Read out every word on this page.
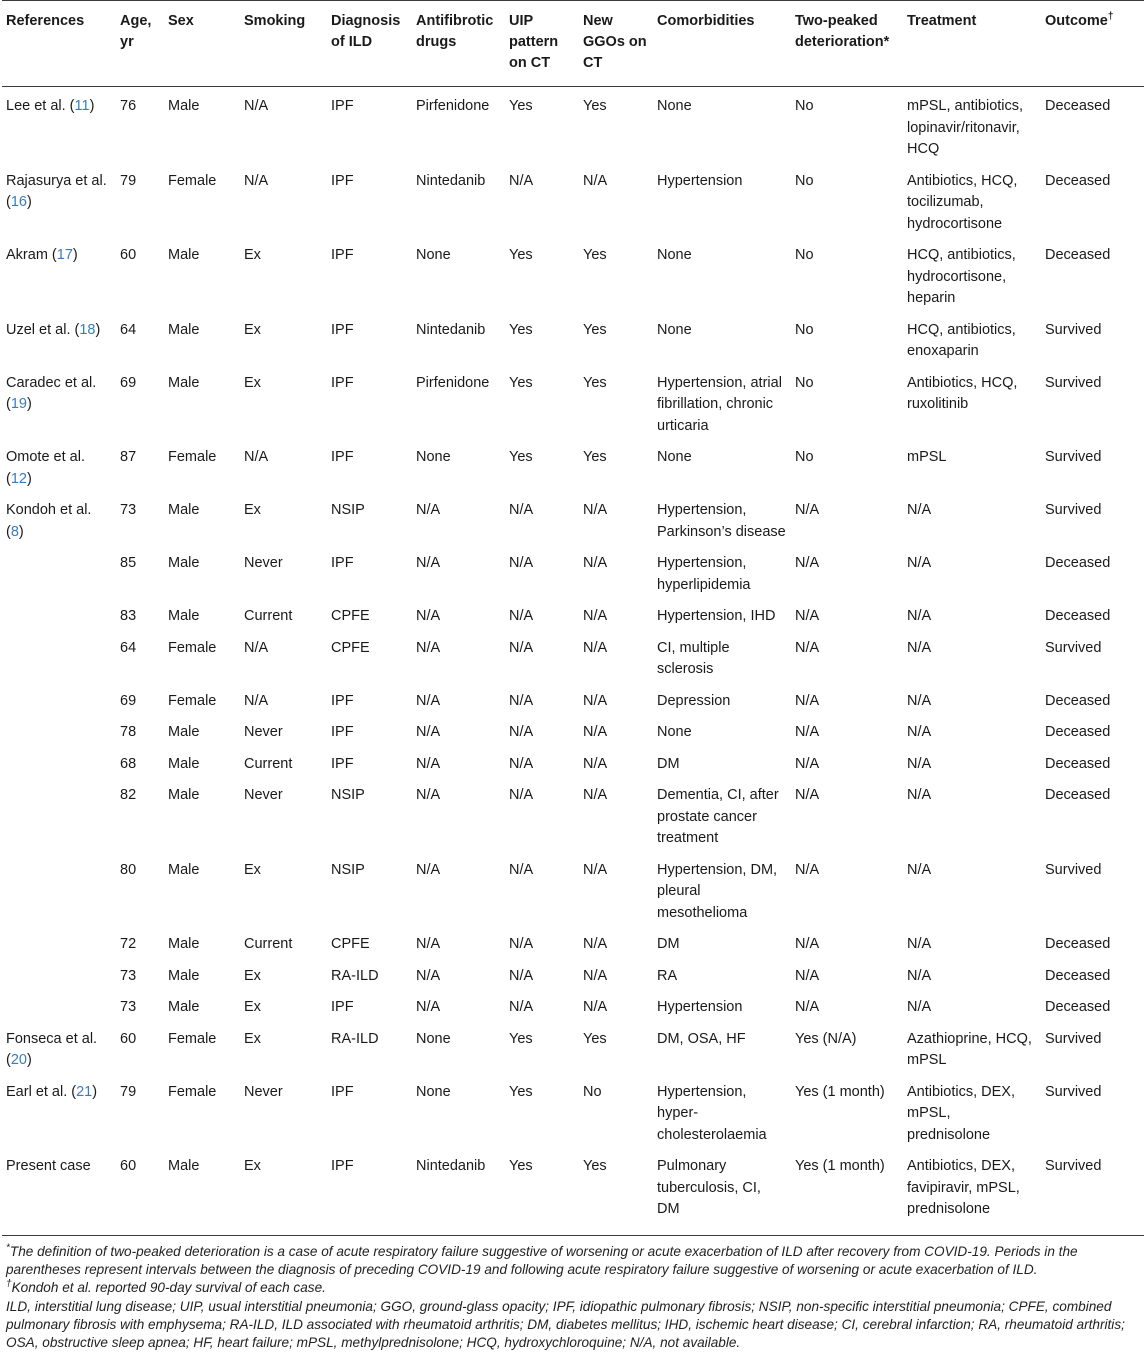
References	Age, yr	Sex	Smoking	Diagnosis of ILD	Antifibrotic drugs	UIP pattern on CT	New GGOs on CT	Comorbidities	Two-peaked deterioration*	Treatment	Outcome†
Lee et al. (11)	76	Male	N/A	IPF	Pirfenidone	Yes	Yes	None	No	mPSL, antibiotics, lopinavir/ritonavir, HCQ	Deceased
Rajasurya et al. (16)	79	Female	N/A	IPF	Nintedanib	N/A	N/A	Hypertension	No	Antibiotics, HCQ, tocilizumab, hydrocortisone	Deceased
Akram (17)	60	Male	Ex	IPF	None	Yes	Yes	None	No	HCQ, antibiotics, hydrocortisone, heparin	Deceased
Uzel et al. (18)	64	Male	Ex	IPF	Nintedanib	Yes	Yes	None	No	HCQ, antibiotics, enoxaparin	Survived
Caradec et al. (19)	69	Male	Ex	IPF	Pirfenidone	Yes	Yes	Hypertension, atrial fibrillation, chronic urticaria	No	Antibiotics, HCQ, ruxolitinib	Survived
Omote et al. (12)	87	Female	N/A	IPF	None	Yes	Yes	None	No	mPSL	Survived
Kondoh et al. (8)	73	Male	Ex	NSIP	N/A	N/A	N/A	Hypertension, Parkinson’s disease	N/A	N/A	Survived
	85	Male	Never	IPF	N/A	N/A	N/A	Hypertension, hyperlipidemia	N/A	N/A	Deceased
	83	Male	Current	CPFE	N/A	N/A	N/A	Hypertension, IHD	N/A	N/A	Deceased
	64	Female	N/A	CPFE	N/A	N/A	N/A	CI, multiple sclerosis	N/A	N/A	Survived
	69	Female	N/A	IPF	N/A	N/A	N/A	Depression	N/A	N/A	Deceased
	78	Male	Never	IPF	N/A	N/A	N/A	None	N/A	N/A	Deceased
	68	Male	Current	IPF	N/A	N/A	N/A	DM	N/A	N/A	Deceased
	82	Male	Never	NSIP	N/A	N/A	N/A	Dementia, CI, after prostate cancer treatment	N/A	N/A	Deceased
	80	Male	Ex	NSIP	N/A	N/A	N/A	Hypertension, DM, pleural mesothelioma	N/A	N/A	Survived
	72	Male	Current	CPFE	N/A	N/A	N/A	DM	N/A	N/A	Deceased
	73	Male	Ex	RA-ILD	N/A	N/A	N/A	RA	N/A	N/A	Deceased
	73	Male	Ex	IPF	N/A	N/A	N/A	Hypertension	N/A	N/A	Deceased
Fonseca et al. (20)	60	Female	Ex	RA-ILD	None	Yes	Yes	DM, OSA, HF	Yes (N/A)	Azathioprine, HCQ, mPSL	Survived
Earl et al. (21)	79	Female	Never	IPF	None	Yes	No	Hypertension, hyper-cholesterolaemia	Yes (1 month)	Antibiotics, DEX, mPSL, prednisolone	Survived
Present case	60	Male	Ex	IPF	Nintedanib	Yes	Yes	Pulmonary tuberculosis, CI, DM	Yes (1 month)	Antibiotics, DEX, favipiravir, mPSL, prednisolone	Survived

*The definition of two-peaked deterioration is a case of acute respiratory failure suggestive of worsening or acute exacerbation of ILD after recovery from COVID-19. Periods in the parentheses represent intervals between the diagnosis of preceding COVID-19 and following acute respiratory failure suggestive of worsening or acute exacerbation of ILD.

†Kondoh et al. reported 90-day survival of each case.

ILD, interstitial lung disease; UIP, usual interstitial pneumonia; GGO, ground-glass opacity; IPF, idiopathic pulmonary fibrosis; NSIP, non-specific interstitial pneumonia; CPFE, combined pulmonary fibrosis with emphysema; RA-ILD, ILD associated with rheumatoid arthritis; DM, diabetes mellitus; IHD, ischemic heart disease; CI, cerebral infarction; RA, rheumatoid arthritis; OSA, obstructive sleep apnea; HF, heart failure; mPSL, methylprednisolone; HCQ, hydroxychloroquine; N/A, not available.
